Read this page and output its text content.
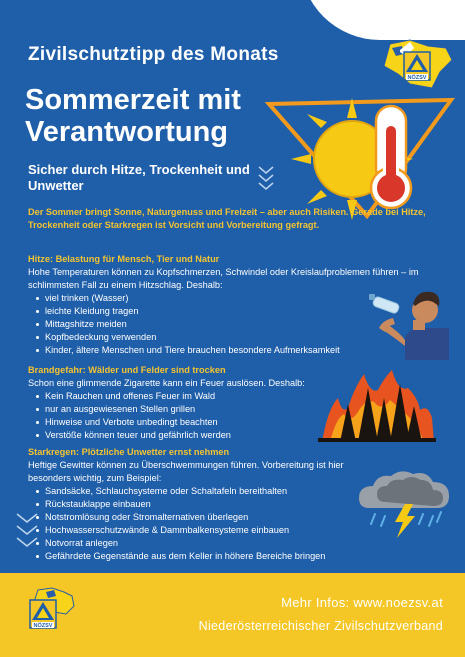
NÖZSV
Zivilschutztipp des Monats
Sommerzeit mit Verantwortung
Sicher durch Hitze, Trockenheit und Unwetter
Der Sommer bringt Sonne, Naturgenuss und Freizeit – aber auch Risiken. Gerade bei Hitze, Trockenheit oder Starkregen ist Vorsicht und Vorbereitung gefragt.
Hitze: Belastung für Mensch, Tier und Natur

Hohe Temperaturen können zu Kopfschmerzen, Schwindel oder Kreislaufproblemen führen – im schlimmsten Fall zu einem Hitzschlag. Deshalb:

viel trinken (Wasser)
leichte Kleidung tragen
Mittagshitze meiden
Kopfbedeckung verwenden
Kinder, ältere Menschen und Tiere brauchen besondere Aufmerksamkeit
Brandgefahr: Wälder und Felder sind trocken

Schon eine glimmende Zigarette kann ein Feuer auslösen. Deshalb:

Kein Rauchen und offenes Feuer im Wald
nur an ausgewiesenen Stellen grillen
Hinweise und Verbote unbedingt beachten
Verstöße können teuer und gefährlich werden
Starkregen: Plötzliche Unwetter ernst nehmen

Heftige Gewitter können zu Überschwemmungen führen. Vorbereitung ist hier besonders wichtig, zum Beispiel:

Sandsäcke, Schlauchsysteme oder Schaltafeln bereithalten
Rückstauklappe einbauen
Notstromlösung oder Stromalternativen überlegen
Hochwasserschutzwände & Dammbalkensysteme einbauen
Notvorrat anlegen
Gefährdete Gegenstände aus dem Keller in höhere Bereiche bringen
NÖZSV
Mehr Infos: www.noezsv.at
Niederösterreichischer Zivilschutzverband
